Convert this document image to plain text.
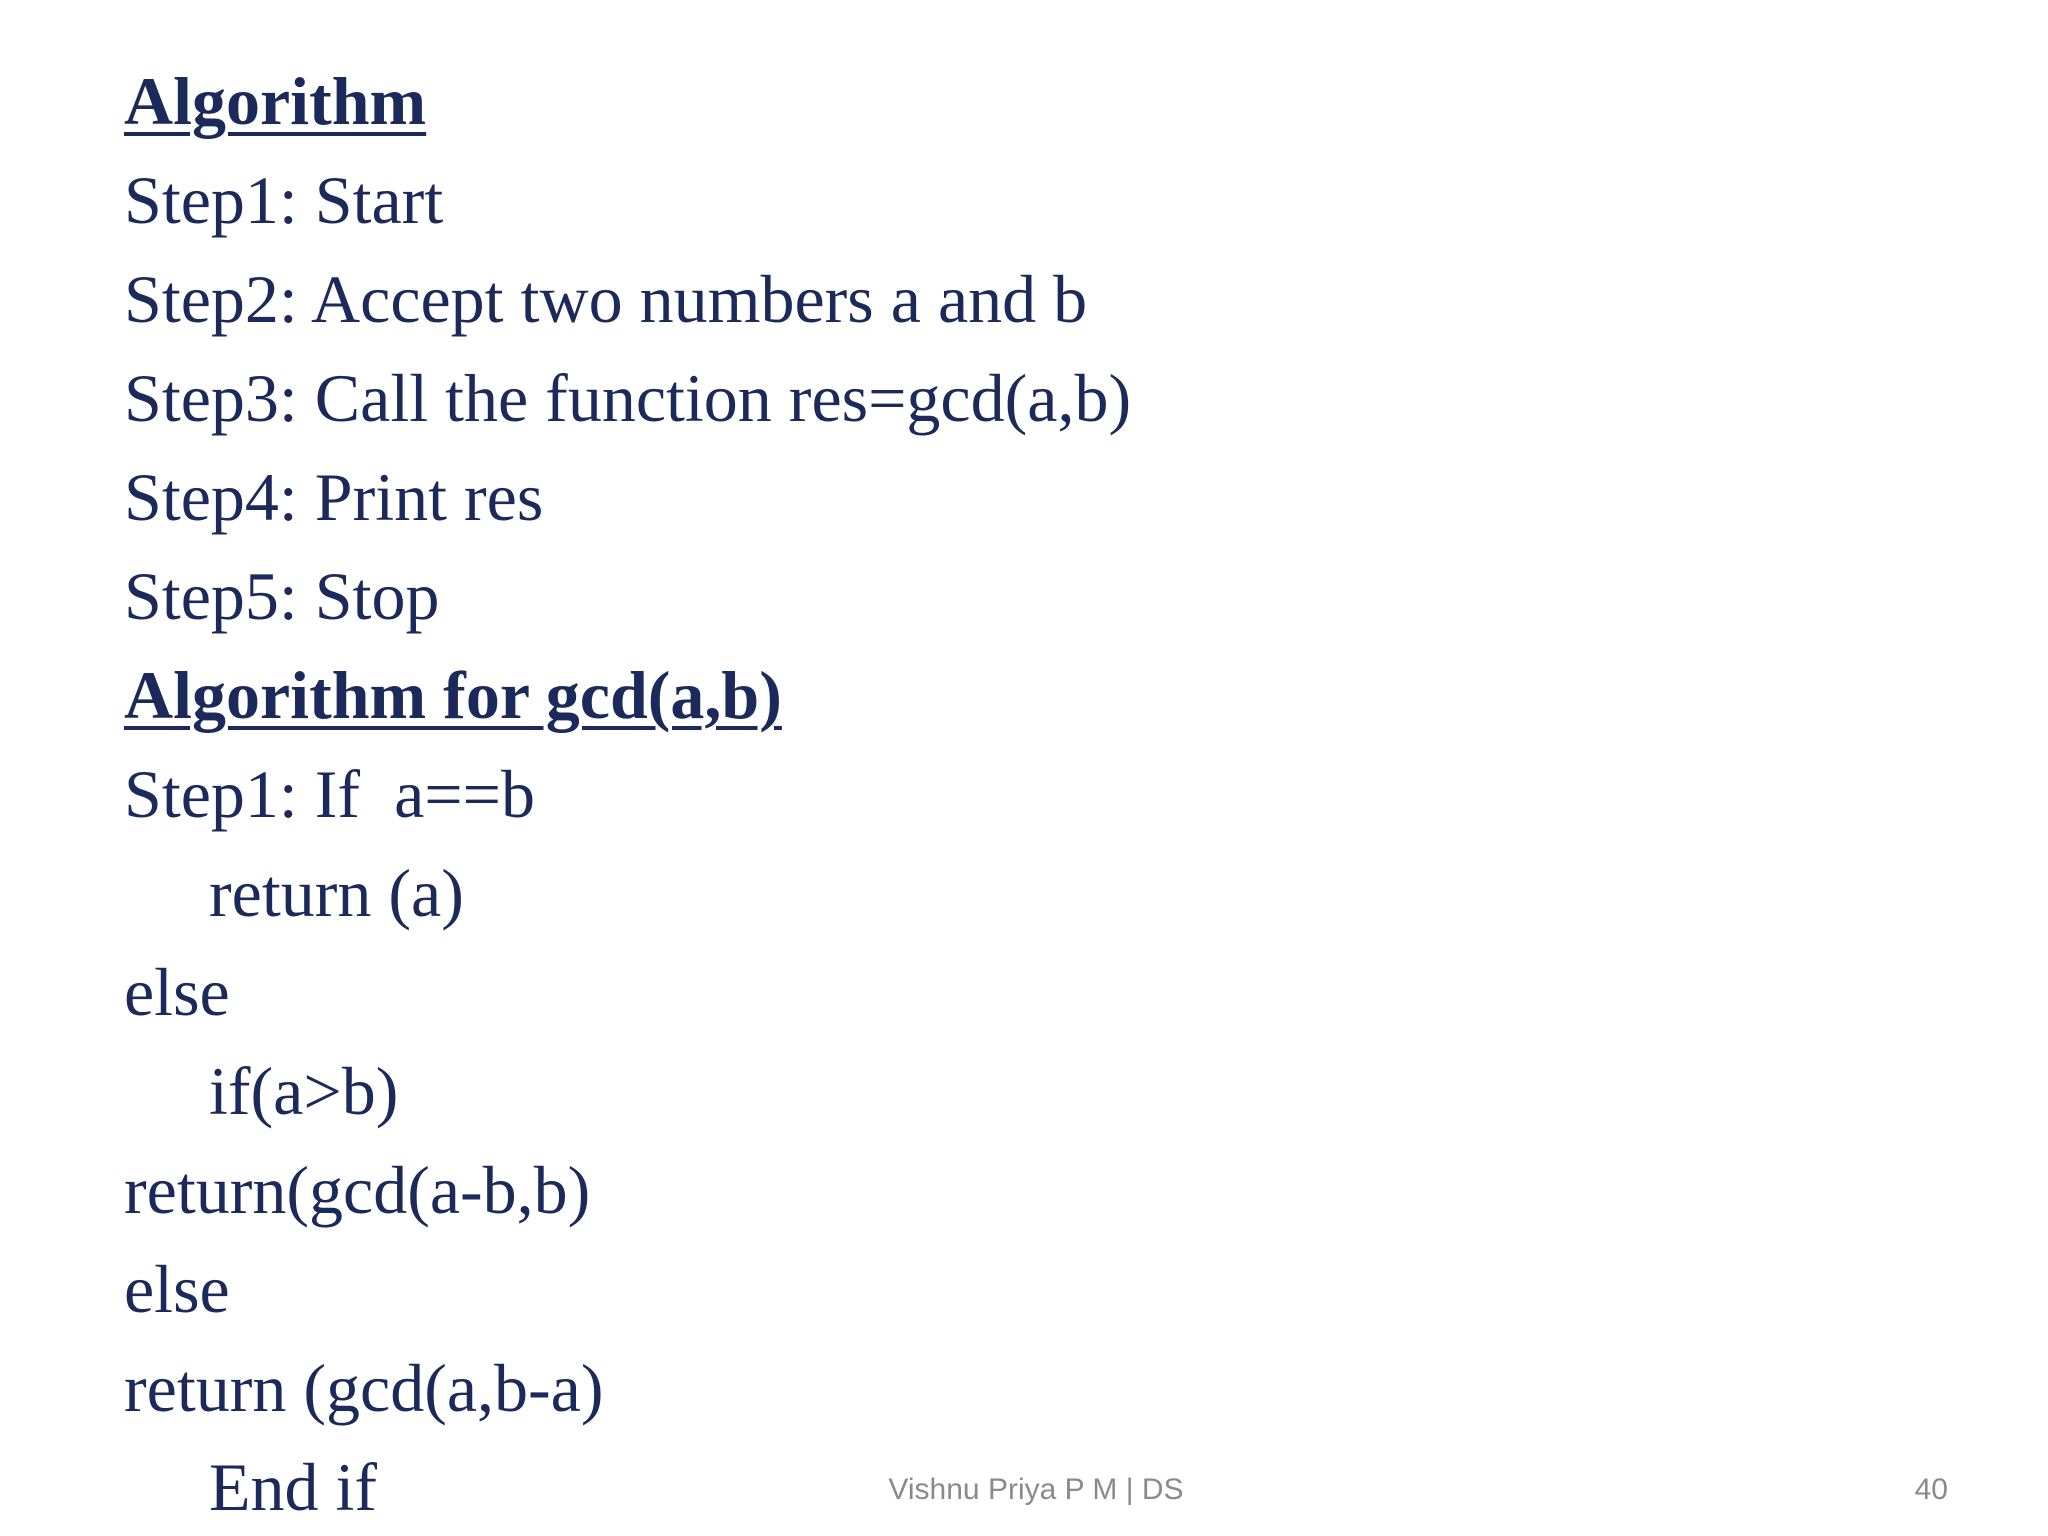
Algorithm
Step1: Start
Step2: Accept two numbers a and b
Step3: Call the function res=gcd(a,b)
Step4: Print res
Step5: Stop
Algorithm for gcd(a,b)
Step1: If  a==b
return (a)
else
if(a>b)
return(gcd(a-b,b)
else
return (gcd(a,b-a)
End if	Vishnu Priya P M | DS	40
